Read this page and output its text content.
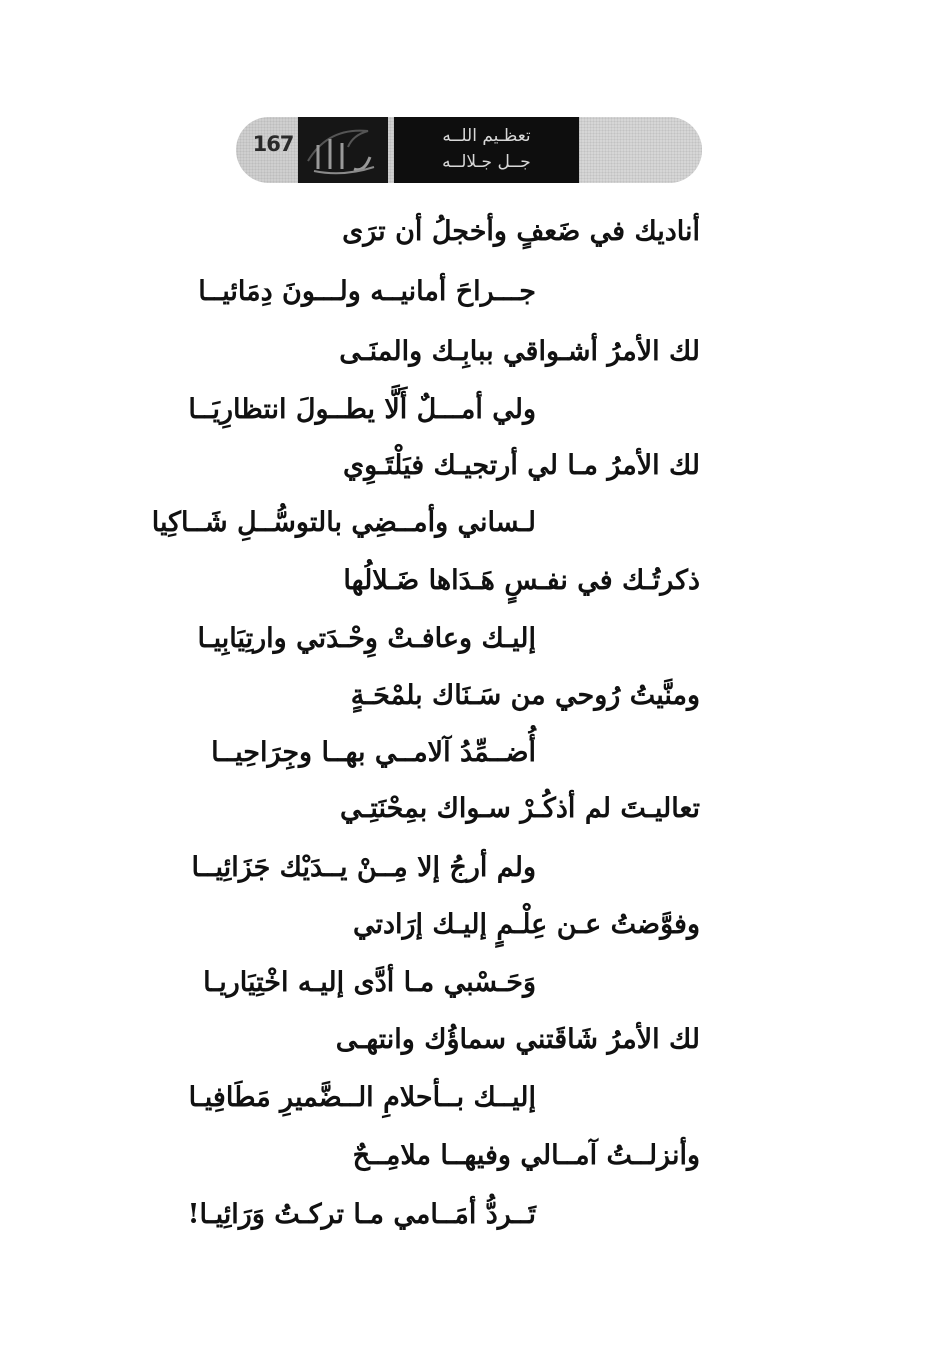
167	تعظـيم اللــه
جــل جـلالــه
أناديك في ضَعفٍ وأخجلُ أن ترَى
جـــراحَ أمانيــه ولـــونَ دِمَائيــا
لك الأمرُ أشـواقي ببابِـك والمنَـى
ولي أمـــلٌ أَلَّا يطــولَ انتظارِيَــا
لك الأمرُ مـا لي أرتجيـك فيَلْتَـوِي
لـساني وأمــضِي بالتوسُّــلِ شَــاكِيا
ذكرتُـك في نفـسٍ هَـدَاها ضَـلالُها
إليـك وعافـتْ وِحْـدَتي وارتِيَابِيـا
ومنَّيتُ رُوحي من سَـنَاك بلمْحَـةٍ
أُضــمِّدُ آلامــي بهــا وجِرَاحِيــا
تعاليـتَ لم أذكُـرْ سـواك بمِحْنَتِـي
ولم أرجُ إلا مِــنْ يــدَيْك جَزَائِيــا
وفوَّضتُ عـن عِلْـمٍ إليـك إرَادتي
وَحَـسْبي مـا أدَّى إليـه اخْتِيَاريـا
لك الأمرُ شَاقَتني سماؤُك وانتهـى
إليــك بــأحلامِ الــضَّميرِ مَطَافِيـا
وأنزلــتُ آمــالي وفيهــا ملامِــحٌ
تَــردُّ أمَــامي مـا تركـتُ وَرَائِيـا!
